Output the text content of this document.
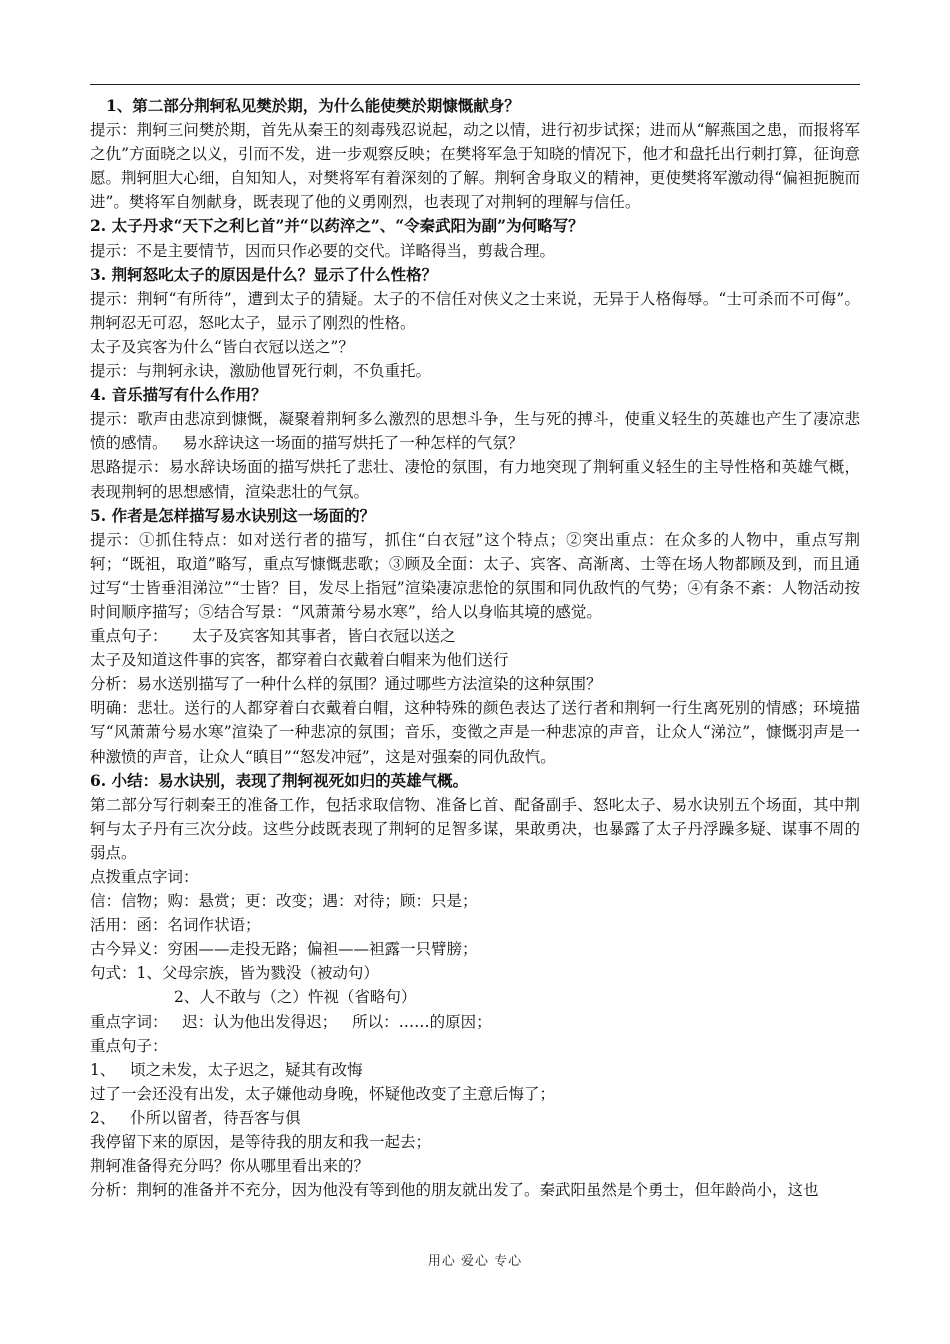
1、第二部分荆轲私见樊於期，为什么能使樊於期慷慨献身？

提示：荆轲三问樊於期，首先从秦王的刻毒残忍说起，动之以情，进行初步试探；进而从“解燕国之患，而报将军之仇”方面晓之以义，引而不发，进一步观察反映；在樊将军急于知晓的情况下，他才和盘托出行刺打算，征询意愿。荆轲胆大心细，自知知人，对樊将军有着深刻的了解。荆轲舍身取义的精神，更使樊将军激动得“偏袒扼腕而进”。樊将军自刎献身，既表现了他的义勇刚烈，也表现了对荆轲的理解与信任。

2. 太子丹求“天下之利匕首”并“以药淬之”、“令秦武阳为副”为何略写？

提示：不是主要情节，因而只作必要的交代。详略得当，剪裁合理。

3. 荆轲怒叱太子的原因是什么？显示了什么性格？

提示：荆轲“有所待”，遭到太子的猜疑。太子的不信任对侠义之士来说，无异于人格侮辱。“士可杀而不可侮”。荆轲忍无可忍，怒叱太子，显示了刚烈的性格。

太子及宾客为什么“皆白衣冠以送之”？

提示：与荆轲永诀，激励他冒死行刺，不负重托。

4. 音乐描写有什么作用？

提示：歌声由悲凉到慷慨，凝聚着荆轲多么激烈的思想斗争，生与死的搏斗，使重义轻生的英雄也产生了凄凉悲愤的感情。   易水辞诀这一场面的描写烘托了一种怎样的气氛？

思路提示：易水辞诀场面的描写烘托了悲壮、凄怆的氛围，有力地突现了荆轲重义轻生的主导性格和英雄气概，表现荆轲的思想感情，渲染悲壮的气氛。

5. 作者是怎样描写易水诀别这一场面的？

提示：①抓住特点：如对送行者的描写，抓住“白衣冠”这个特点；②突出重点：在众多的人物中，重点写荆轲；“既祖，取道”略写，重点写慷慨悲歌；③顾及全面：太子、宾客、高渐离、士等在场人物都顾及到，而且通过写“士皆垂泪涕泣”“士皆？目，发尽上指冠”渲染凄凉悲怆的氛围和同仇敌忾的气势；④有条不紊：人物活动按时间顺序描写；⑤结合写景：“风萧萧兮易水寒”，给人以身临其境的感觉。

重点句子：     太子及宾客知其事者，皆白衣冠以送之

太子及知道这件事的宾客，都穿着白衣戴着白帽来为他们送行

分析：易水送别描写了一种什么样的氛围？通过哪些方法渲染的这种氛围？

明确：悲壮。送行的人都穿着白衣戴着白帽，这种特殊的颜色表达了送行者和荆轲一行生离死别的情感；环境描写“风萧萧兮易水寒”渲染了一种悲凉的氛围；音乐，变徵之声是一种悲凉的声音，让众人“涕泣”，慷慨羽声是一种激愤的声音，让众人“瞋目”“怒发冲冠”，这是对强秦的同仇敌忾。

6. 小结：易水诀别，表现了荆轲视死如归的英雄气概。

第二部分写行刺秦王的准备工作，包括求取信物、准备匕首、配备副手、怒叱太子、易水诀别五个场面，其中荆轲与太子丹有三次分歧。这些分歧既表现了荆轲的足智多谋，果敢勇决，也暴露了太子丹浮躁多疑、谋事不周的弱点。

点拨重点字词：

信：信物；购：悬赏；更：改变；遇：对待；顾：只是；

活用：函：名词作状语；

古今异义：穷困——走投无路；偏袒——袒露一只臂膀；

句式：1、父母宗族，皆为戮没（被动句）

2、人不敢与（之）忤视（省略句）

重点字词：   迟：认为他出发得迟；   所以：……的原因；

重点句子：

1、   顷之未发，太子迟之，疑其有改悔

过了一会还没有出发，太子嫌他动身晚，怀疑他改变了主意后悔了；

2、   仆所以留者，待吾客与俱

我停留下来的原因，是等待我的朋友和我一起去；

荆轲准备得充分吗？你从哪里看出来的？

分析：荆轲的准备并不充分，因为他没有等到他的朋友就出发了。秦武阳虽然是个勇士，但年龄尚小，这也

用心 爱心 专心
